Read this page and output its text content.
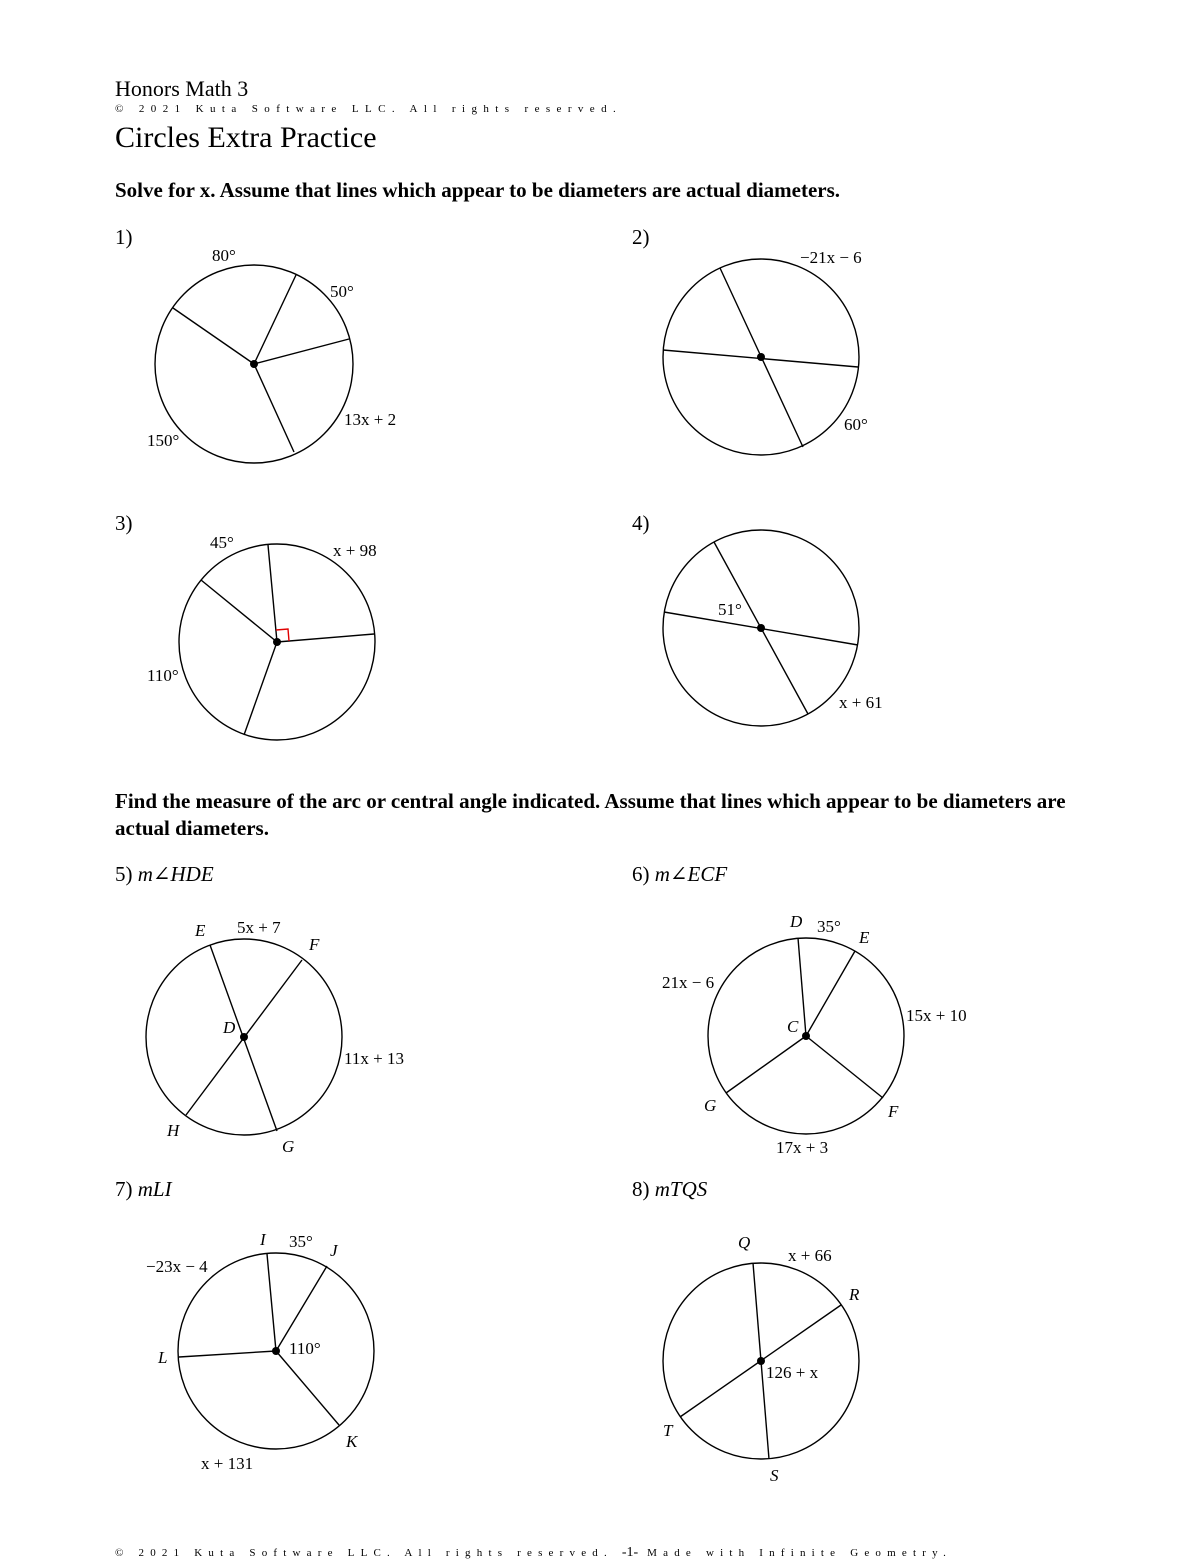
Honors Math 3
© 2021 Kuta Software LLC. All rights reserved.
Circles Extra Practice
Solve for x. Assume that lines which appear to be diameters are actual diameters.
1)	2)
3)	4)
Find the measure of the arc or central angle indicated. Assume that lines which appear to be diameters are actual diameters.
5) m∠HDE	6) m∠ECF
7) mLI	8) mTQS
80°
50°
13x + 2
150°
−21x − 6
60°
45°	x + 98
110°
51°
x + 61
E 5x + 7
F
D
11x + 13
H
G
D 35°
E
21x − 6
15x + 10
C
G	F
17x + 3
I 35° J
−23x − 4
L	110°
K
x + 131
Q
x + 66
R
126 + x
T
S
© 2021 Kuta Software LLC. All rights reserved. -1- Made with Infinite Geometry.
